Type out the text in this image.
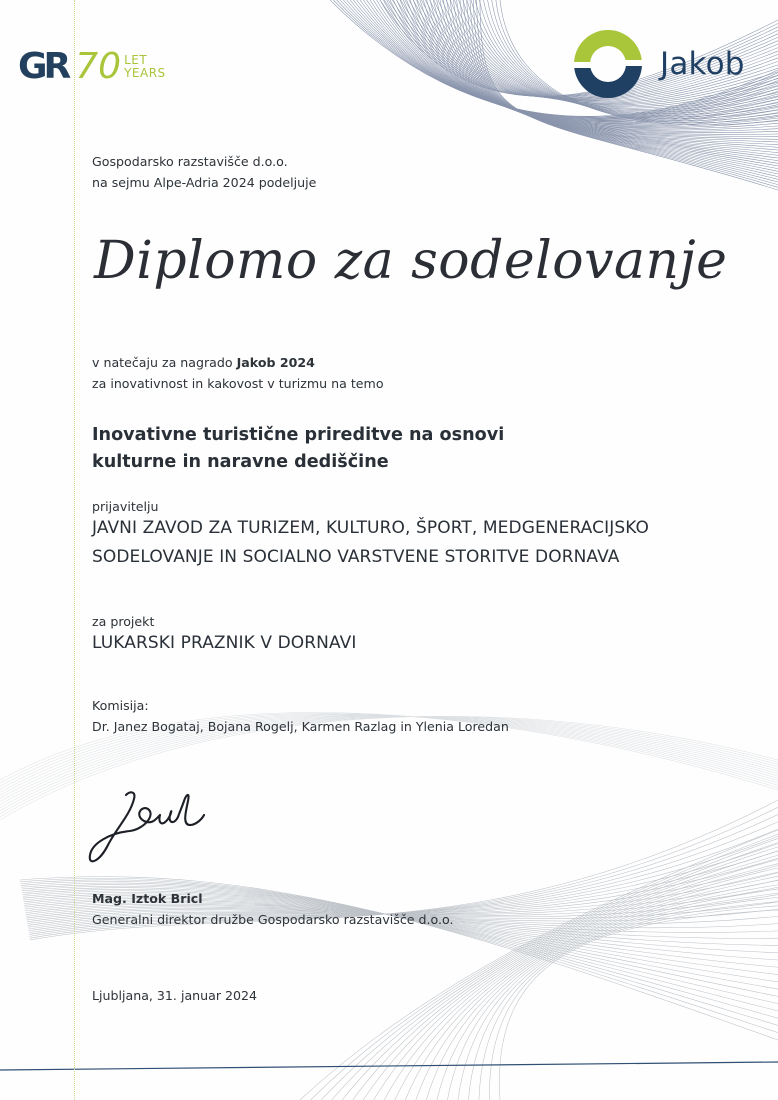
GR 70 LET
YEARS	Jakob
Gospodarsko razstavišče d.o.o.
na sejmu Alpe-Adria 2024 podeljuje
Diplomo za sodelovanje
v natečaju za nagrado Jakob 2024
za inovativnost in kakovost v turizmu na temo
Inovativne turistične prireditve na osnovi
kulturne in naravne dediščine
prijavitelju
JAVNI ZAVOD ZA TURIZEM, KULTURO, ŠPORT, MEDGENERACIJSKO
SODELOVANJE IN SOCIALNO VARSTVENE STORITVE DORNAVA
za projekt
LUKARSKI PRAZNIK V DORNAVI
Komisija:
Dr. Janez Bogataj, Bojana Rogelj, Karmen Razlag in Ylenia Loredan
Mag. Iztok Bricl
Generalni direktor družbe Gospodarsko razstavišče d.o.o.
Ljubljana, 31. januar 2024
